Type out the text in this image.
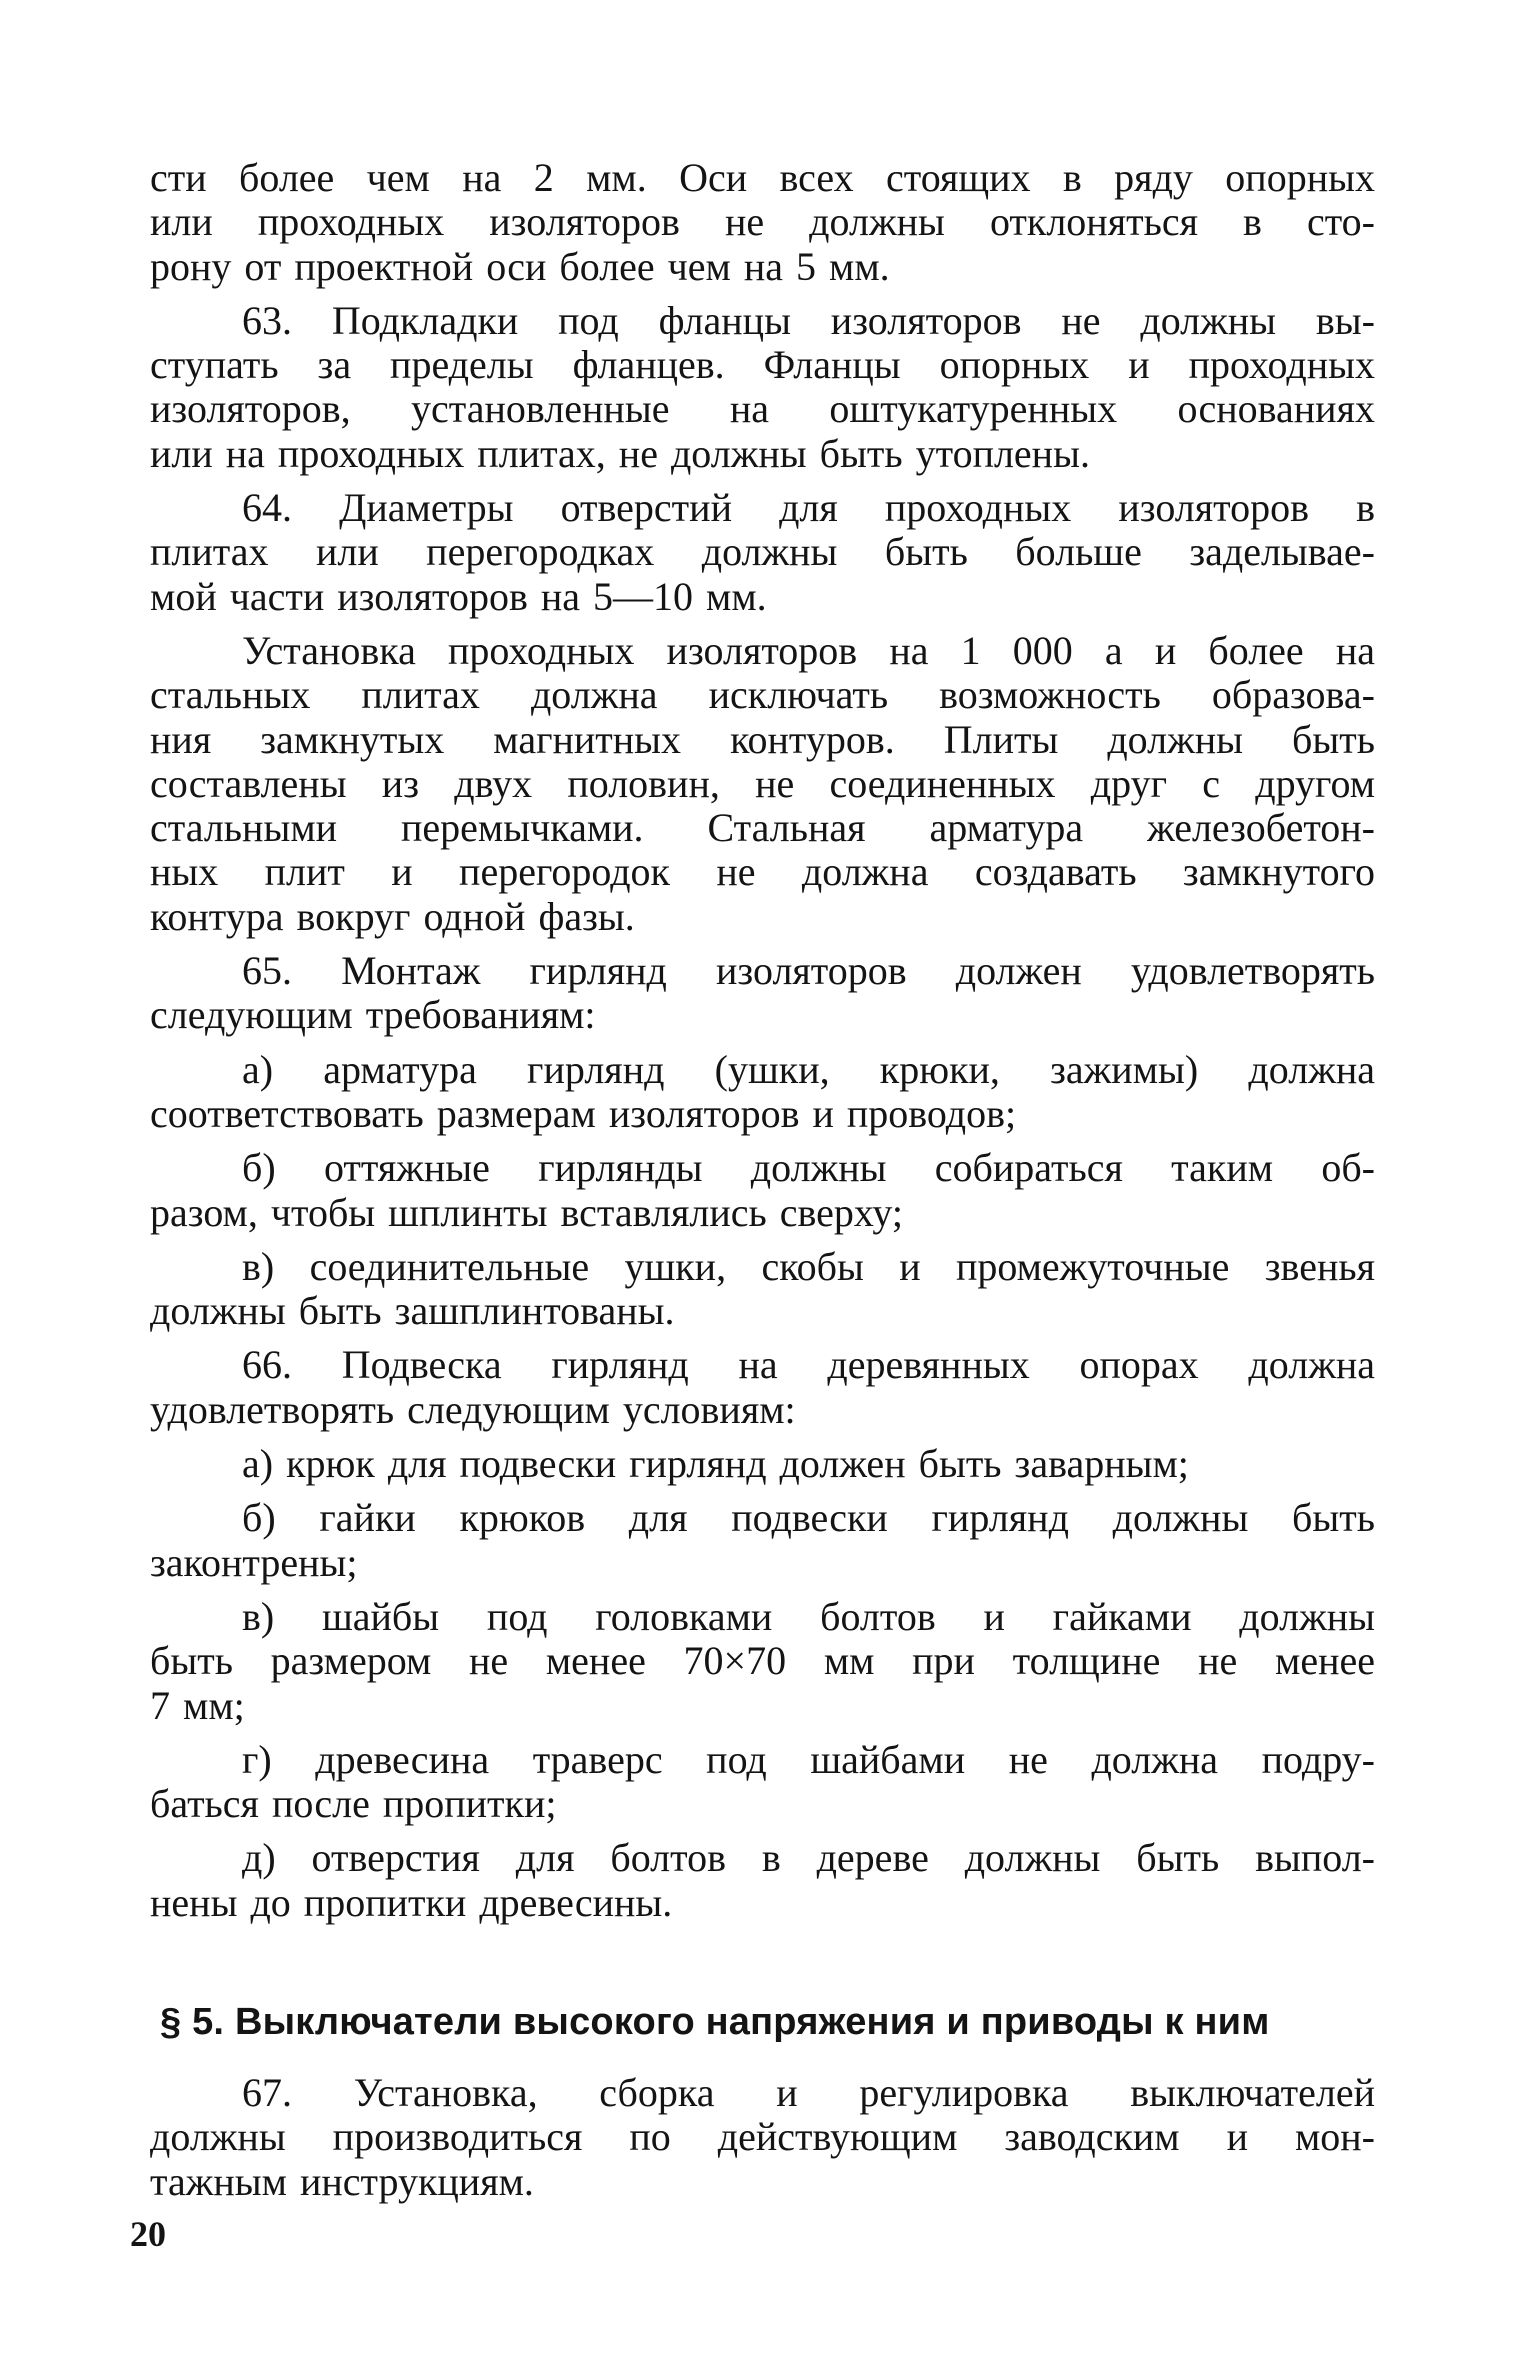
сти более чем на 2 мм. Оси всех стоящих в ряду опорных
или проходных изоляторов не должны отклоняться в сто-
рону от проектной оси более чем на 5 мм.
63. Подкладки под фланцы изоляторов не должны вы-
ступать за пределы фланцев. Фланцы опорных и проходных
изоляторов, установленные на оштукатуренных основаниях
или на проходных плитах, не должны быть утоплены.
64. Диаметры отверстий для проходных изоляторов в
плитах или перегородках должны быть больше заделывае-
мой части изоляторов на 5—10 мм.
Установка проходных изоляторов на 1 000 а и более на
стальных плитах должна исключать возможность образова-
ния замкнутых магнитных контуров. Плиты должны быть
составлены из двух половин, не соединенных друг с другом
стальными перемычками. Стальная арматура железобетон-
ных плит и перегородок не должна создавать замкнутого
контура вокруг одной фазы.
65. Монтаж гирлянд изоляторов должен удовлетворять
следующим требованиям:
а) арматура гирлянд (ушки, крюки, зажимы) должна
соответствовать размерам изоляторов и проводов;
б) оттяжные гирлянды должны собираться таким об-
разом, чтобы шплинты вставлялись сверху;
в) соединительные ушки, скобы и промежуточные звенья
должны быть зашплинтованы.
66. Подвеска гирлянд на деревянных опорах должна
удовлетворять следующим условиям:
а) крюк для подвески гирлянд должен быть заварным;
б) гайки крюков для подвески гирлянд должны быть
законтрены;
в) шайбы под головками болтов и гайками должны
быть размером не менее 70×70 мм при толщине не менее
7 мм;
г) древесина траверс под шайбами не должна подру-
баться после пропитки;
д) отверстия для болтов в дереве должны быть выпол-
нены до пропитки древесины.
§ 5. Выключатели высокого напряжения и приводы к ним
67. Установка, сборка и регулировка выключателей
должны производиться по действующим заводским и мон-
тажным инструкциям.
20
